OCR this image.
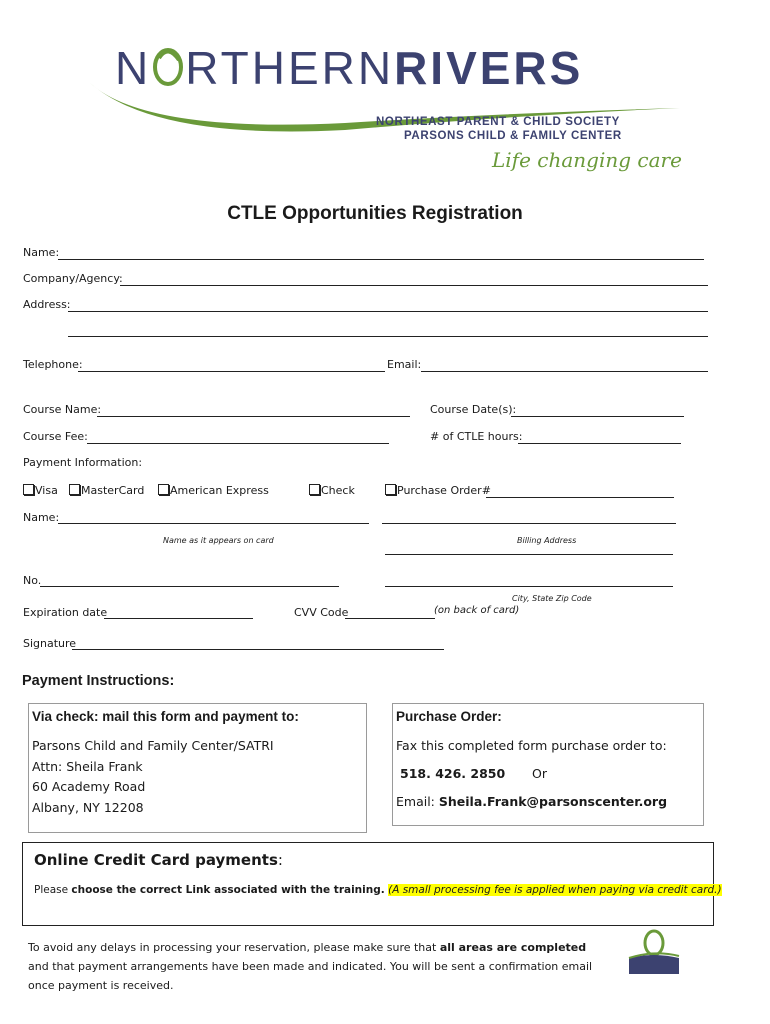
N RTHERNRIVERS
NORTHEAST PARENT & CHILD SOCIETY
PARSONS CHILD & FAMILY CENTER
Life changing care
CTLE Opportunities Registration
Name:
Company/Agency:
Address:
Telephone:	Email:
Course Name:	Course Date(s):
Course Fee:	# of CTLE hours:
Payment Information:
Visa	MasterCard	American Express	Check	Purchase Order#
Name:
Name as it appears on card	Billing Address
No.
City, State Zip Code
Expiration date	CVV Code	(on back of card)
Signature
Payment Instructions:
Via check: mail this form and payment to:
Parsons Child and Family Center/SATRI
Attn: Sheila Frank
60 Academy Road
Albany, NY 12208
Purchase Order:
Fax this completed form purchase order to:
518. 426. 2850 Or
Email: Sheila.Frank@parsonscenter.org
Online Credit Card payments:
Please choose the correct Link associated with the training. (A small processing fee is applied when paying via credit card.)
To avoid any delays in processing your reservation, please make sure that all areas are completed and that payment arrangements have been made and indicated. You will be sent a confirmation email once payment is received.
